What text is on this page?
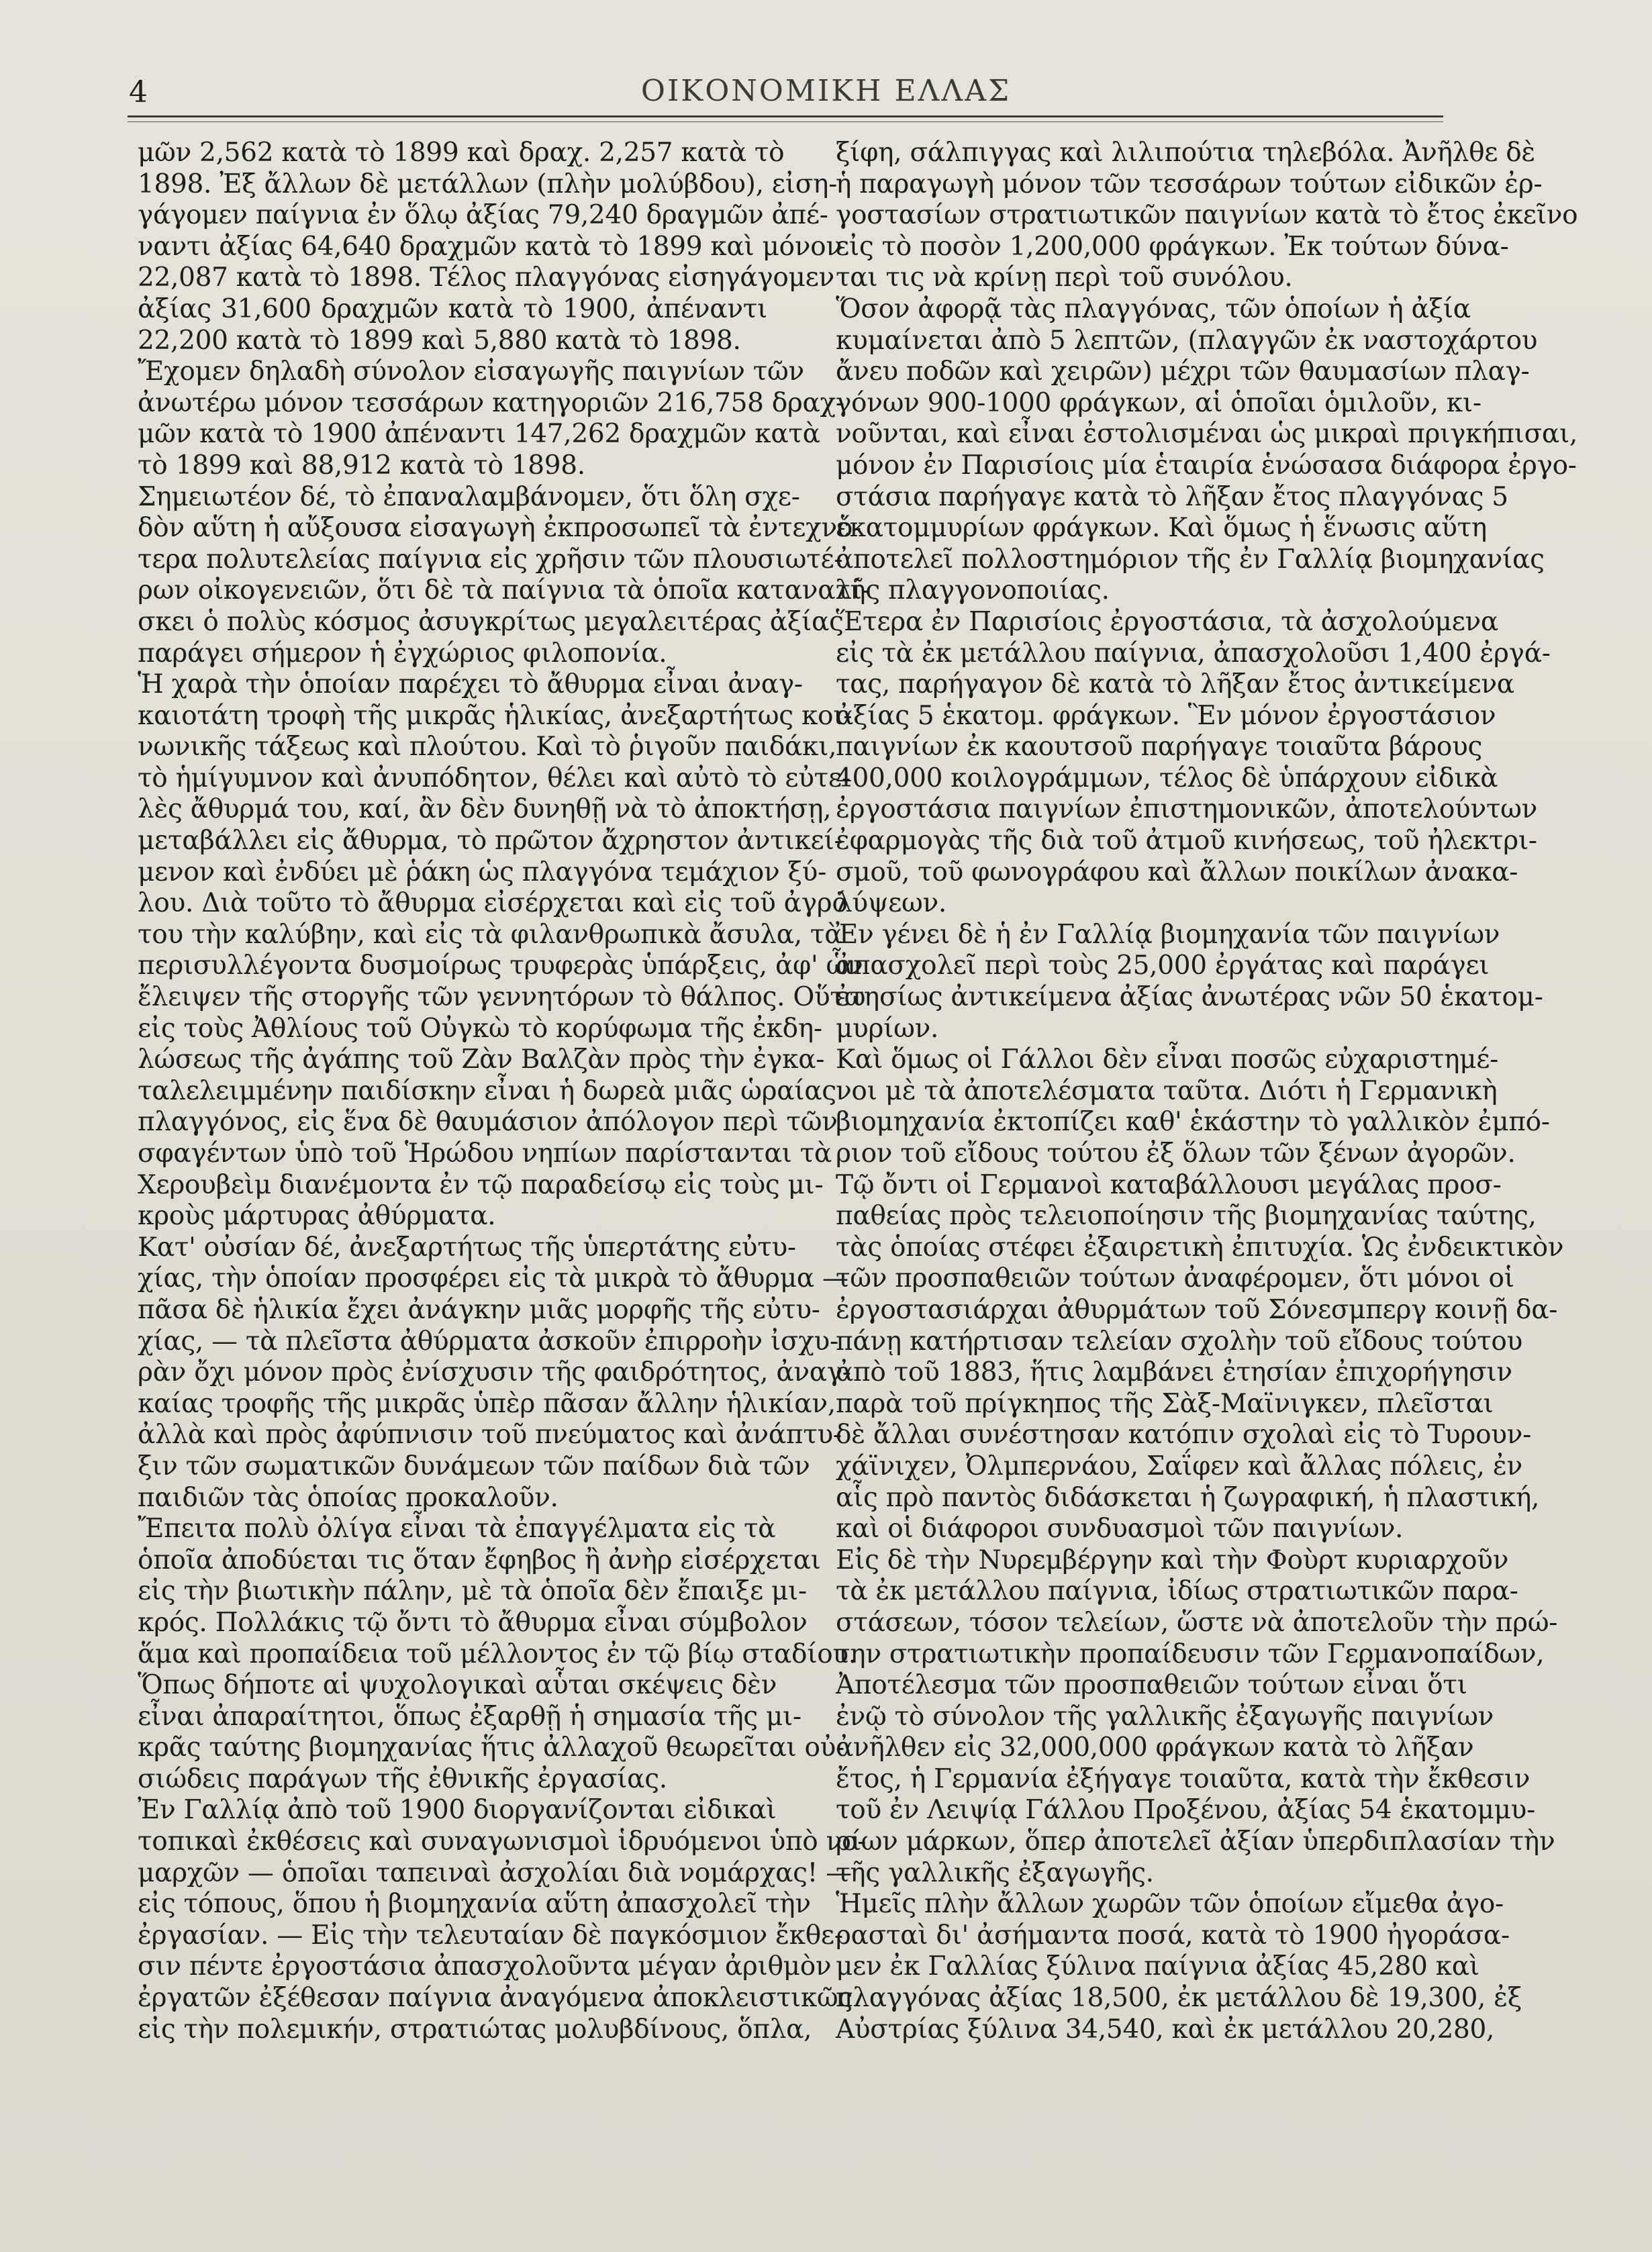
4	ΟΙΚΟΝΟΜΙΚΗ ΕΛΛΑΣ
μῶν 2,562 κατὰ τὸ 1899 καὶ δραχ. 2,257 κατὰ τὸ
1898. Ἐξ ἄλλων δὲ μετάλλων (πλὴν μολύβδου), εἰση-
γάγομεν παίγνια ἐν ὅλῳ ἀξίας 79,240 δραγμῶν ἀπέ-
ναντι ἀξίας 64,640 δραχμῶν κατὰ τὸ 1899 καὶ μόνον
22,087 κατὰ τὸ 1898. Τέλος πλαγγόνας εἰσηγάγομεν
ἀξίας 31,600 δραχμῶν κατὰ τὸ 1900, ἀπέναντι
22,200 κατὰ τὸ 1899 καὶ 5,880 κατὰ τὸ 1898.
Ἔχομεν δηλαδὴ σύνολον εἰσαγωγῆς παιγνίων τῶν
ἀνωτέρω μόνον τεσσάρων κατηγοριῶν 216,758 δραχ-
μῶν κατὰ τὸ 1900 ἀπέναντι 147,262 δραχμῶν κατὰ
τὸ 1899 καὶ 88,912 κατὰ τὸ 1898.
Σημειωτέον δέ, τὸ ἐπαναλαμβάνομεν, ὅτι ὅλη σχε-
δὸν αὕτη ἡ αὔξουσα εἰσαγωγὴ ἐκπροσωπεῖ τὰ ἐντεχνό-
τερα πολυτελείας παίγνια εἰς χρῆσιν τῶν πλουσιωτέ-
ρων οἰκογενειῶν, ὅτι δὲ τὰ παίγνια τὰ ὁποῖα καταναλί-
σκει ὁ πολὺς κόσμος ἀσυγκρίτως μεγαλειτέρας ἀξίας
παράγει σήμερον ἡ ἐγχώριος φιλοπονία.
Ἡ χαρὰ τὴν ὁποίαν παρέχει τὸ ἄθυρμα εἶναι ἀναγ-
καιοτάτη τροφὴ τῆς μικρᾶς ἡλικίας, ἀνεξαρτήτως κοι-
νωνικῆς τάξεως καὶ πλούτου. Καὶ τὸ ῥιγοῦν παιδάκι,
τὸ ἡμίγυμνον καὶ ἀνυπόδητον, θέλει καὶ αὐτὸ τὸ εὐτε-
λὲς ἄθυρμά του, καί, ἂν δὲν δυνηθῇ νὰ τὸ ἀποκτήσῃ,
μεταβάλλει εἰς ἄθυρμα, τὸ πρῶτον ἄχρηστον ἀντικεί-
μενον καὶ ἐνδύει μὲ ῥάκη ὡς πλαγγόνα τεμάχιον ξύ-
λου. Διὰ τοῦτο τὸ ἄθυρμα εἰσέρχεται καὶ εἰς τοῦ ἀγρό
του τὴν καλύβην, καὶ εἰς τὰ φιλανθρωπικὰ ἄσυλα, τὰ
περισυλλέγοντα δυσμοίρως τρυφερὰς ὑπάρξεις, ἀφ' ὧν
ἔλειψεν τῆς στοργῆς τῶν γεννητόρων τὸ θάλπος. Οὕτω
εἰς τοὺς Ἀθλίους τοῦ Οὐγκὼ τὸ κορύφωμα τῆς ἐκδη-
λώσεως τῆς ἀγάπης τοῦ Ζὰν Βαλζὰν πρὸς τὴν ἐγκα-
ταλελειμμένην παιδίσκην εἶναι ἡ δωρεὰ μιᾶς ὡραίας
πλαγγόνος, εἰς ἕνα δὲ θαυμάσιον ἀπόλογον περὶ τῶν
σφαγέντων ὑπὸ τοῦ Ἡρώδου νηπίων παρίστανται τὰ
Χερουβεὶμ διανέμοντα ἐν τῷ παραδείσῳ εἰς τοὺς μι-
κροὺς μάρτυρας ἀθύρματα.
Κατ' οὐσίαν δέ, ἀνεξαρτήτως τῆς ὑπερτάτης εὐτυ-
χίας, τὴν ὁποίαν προσφέρει εἰς τὰ μικρὰ τὸ ἄθυρμα —
πᾶσα δὲ ἡλικία ἔχει ἀνάγκην μιᾶς μορφῆς τῆς εὐτυ-
χίας, — τὰ πλεῖστα ἀθύρματα ἀσκοῦν ἐπιρροὴν ἰσχυ-
ρὰν ὄχι μόνον πρὸς ἐνίσχυσιν τῆς φαιδρότητος, ἀναγ-
καίας τροφῆς τῆς μικρᾶς ὑπὲρ πᾶσαν ἄλλην ἡλικίαν,
ἀλλὰ καὶ πρὸς ἀφύπνισιν τοῦ πνεύματος καὶ ἀνάπτυ-
ξιν τῶν σωματικῶν δυνάμεων τῶν παίδων διὰ τῶν
παιδιῶν τὰς ὁποίας προκαλοῦν.
Ἔπειτα πολὺ ὀλίγα εἶναι τὰ ἐπαγγέλματα εἰς τὰ
ὁποῖα ἀποδύεται τις ὅταν ἔφηβος ἢ ἀνὴρ εἰσέρχεται
εἰς τὴν βιωτικὴν πάλην, μὲ τὰ ὁποῖα δὲν ἔπαιξε μι-
κρός. Πολλάκις τῷ ὄντι τὸ ἄθυρμα εἶναι σύμβολον
ἅμα καὶ προπαίδεια τοῦ μέλλοντος ἐν τῷ βίῳ σταδίου.
Ὅπως δήποτε αἱ ψυχολογικαὶ αὗται σκέψεις δὲν
εἶναι ἀπαραίτητοι, ὅπως ἐξαρθῇ ἡ σημασία τῆς μι-
κρᾶς ταύτης βιομηχανίας ἥτις ἀλλαχοῦ θεωρεῖται οὐ-
σιώδεις παράγων τῆς ἐθνικῆς ἐργασίας.
Ἐν Γαλλίᾳ ἀπὸ τοῦ 1900 διοργανίζονται εἰδικαὶ
τοπικαὶ ἐκθέσεις καὶ συναγωνισμοὶ ἱδρυόμενοι ὑπὸ νο-
μαρχῶν — ὁποῖαι ταπειναὶ ἀσχολίαι διὰ νομάρχας! —
εἰς τόπους, ὅπου ἡ βιομηχανία αὕτη ἀπασχολεῖ τὴν
ἐργασίαν. — Εἰς τὴν τελευταίαν δὲ παγκόσμιον ἔκθε-
σιν πέντε ἐργοστάσια ἀπασχολοῦντα μέγαν ἀριθμὸν
ἐργατῶν ἐξέθεσαν παίγνια ἀναγόμενα ἀποκλειστικῶς
εἰς τὴν πολεμικήν, στρατιώτας μολυβδίνους, ὅπλα,
ξίφη, σάλπιγγας καὶ λιλιπούτια τηλεβόλα. Ἀνῆλθε δὲ
ἡ παραγωγὴ μόνον τῶν τεσσάρων τούτων εἰδικῶν ἐρ-
γοστασίων στρατιωτικῶν παιγνίων κατὰ τὸ ἔτος ἐκεῖνο
εἰς τὸ ποσὸν 1,200,000 φράγκων. Ἐκ τούτων δύνα-
ται τις νὰ κρίνῃ περὶ τοῦ συνόλου.
Ὅσον ἀφορᾷ τὰς πλαγγόνας, τῶν ὁποίων ἡ ἀξία
κυμαίνεται ἀπὸ 5 λεπτῶν, (πλαγγῶν ἐκ ναστοχάρτου
ἄνευ ποδῶν καὶ χειρῶν) μέχρι τῶν θαυμασίων πλαγ-
γόνων 900-1000 φράγκων, αἱ ὁποῖαι ὁμιλοῦν, κι-
νοῦνται, καὶ εἶναι ἐστολισμέναι ὡς μικραὶ πριγκήπισαι,
μόνον ἐν Παρισίοις μία ἑταιρία ἑνώσασα διάφορα ἐργο-
στάσια παρήγαγε κατὰ τὸ λῆξαν ἔτος πλαγγόνας 5
ἑκατομμυρίων φράγκων. Καὶ ὅμως ἡ ἕνωσις αὕτη
ἀποτελεῖ πολλοστημόριον τῆς ἐν Γαλλίᾳ βιομηχανίας
τῆς πλαγγονοποιίας.
Ἕτερα ἐν Παρισίοις ἐργοστάσια, τὰ ἀσχολούμενα
εἰς τὰ ἐκ μετάλλου παίγνια, ἀπασχολοῦσι 1,400 ἐργά-
τας, παρήγαγον δὲ κατὰ τὸ λῆξαν ἔτος ἀντικείμενα
ἀξίας 5 ἑκατομ. φράγκων. Ἓν μόνον ἐργοστάσιον
παιγνίων ἐκ καουτσοῦ παρήγαγε τοιαῦτα βάρους
400,000 κοιλογράμμων, τέλος δὲ ὑπάρχουν εἰδικὰ
ἐργοστάσια παιγνίων ἐπιστημονικῶν, ἀποτελούντων
ἐφαρμογὰς τῆς διὰ τοῦ ἀτμοῦ κινήσεως, τοῦ ἠλεκτρι-
σμοῦ, τοῦ φωνογράφου καὶ ἄλλων ποικίλων ἀνακα-
λύψεων.
Ἐν γένει δὲ ἡ ἐν Γαλλίᾳ βιομηχανία τῶν παιγνίων
ἀπασχολεῖ περὶ τοὺς 25,000 ἐργάτας καὶ παράγει
ἐτησίως ἀντικείμενα ἀξίας ἀνωτέρας νῶν 50 ἑκατομ-
μυρίων.
Καὶ ὅμως οἱ Γάλλοι δὲν εἶναι ποσῶς εὐχαριστημέ-
νοι μὲ τὰ ἀποτελέσματα ταῦτα. Διότι ἡ Γερμανικὴ
βιομηχανία ἐκτοπίζει καθ' ἑκάστην τὸ γαλλικὸν ἐμπό-
ριον τοῦ εἴδους τούτου ἐξ ὅλων τῶν ξένων ἀγορῶν.
Τῷ ὄντι οἱ Γερμανοὶ καταβάλλουσι μεγάλας προσ-
παθείας πρὸς τελειοποίησιν τῆς βιομηχανίας ταύτης,
τὰς ὁποίας στέφει ἐξαιρετικὴ ἐπιτυχία. Ὡς ἐνδεικτικὸν
τῶν προσπαθειῶν τούτων ἀναφέρομεν, ὅτι μόνοι οἱ
ἐργοστασιάρχαι ἀθυρμάτων τοῦ Σόνεσμπεργ κοινῇ δα-
πάνῃ κατήρτισαν τελείαν σχολὴν τοῦ εἴδους τούτου
ἀπὸ τοῦ 1883, ἥτις λαμβάνει ἐτησίαν ἐπιχορήγησιν
παρὰ τοῦ πρίγκηπος τῆς Σὰξ-Μαϊνιγκεν, πλεῖσται
δὲ ἄλλαι συνέστησαν κατόπιν σχολαὶ εἰς τὸ Τυρουν-
χάϊνιχεν, Ὀλμπερνάου, Σαΐφεν καὶ ἄλλας πόλεις, ἐν
αἷς πρὸ παντὸς διδάσκεται ἡ ζωγραφική, ἡ πλαστική,
καὶ οἱ διάφοροι συνδυασμοὶ τῶν παιγνίων.
Εἰς δὲ τὴν Νυρεμβέργην καὶ τὴν Φοὺρτ κυριαρχοῦν
τὰ ἐκ μετάλλου παίγνια, ἰδίως στρατιωτικῶν παρα-
στάσεων, τόσον τελείων, ὥστε νὰ ἀποτελοῦν τὴν πρώ-
την στρατιωτικὴν προπαίδευσιν τῶν Γερμανοπαίδων,
Ἀποτέλεσμα τῶν προσπαθειῶν τούτων εἶναι ὅτι
ἐνῷ τὸ σύνολον τῆς γαλλικῆς ἐξαγωγῆς παιγνίων
ἀνῆλθεν εἰς 32,000,000 φράγκων κατὰ τὸ λῆξαν
ἔτος, ἡ Γερμανία ἐξήγαγε τοιαῦτα, κατὰ τὴν ἔκθεσιν
τοῦ ἐν Λειψίᾳ Γάλλου Προξένου, ἀξίας 54 ἑκατομμυ-
ρίων μάρκων, ὅπερ ἀποτελεῖ ἀξίαν ὑπερδιπλασίαν τὴν
τῆς γαλλικῆς ἐξαγωγῆς.
Ἡμεῖς πλὴν ἄλλων χωρῶν τῶν ὁποίων εἴμεθα ἀγο-
ρασταὶ δι' ἀσήμαντα ποσά, κατὰ τὸ 1900 ἠγοράσα-
μεν ἐκ Γαλλίας ξύλινα παίγνια ἀξίας 45,280 καὶ
πλαγγόνας ἀξίας 18,500, ἐκ μετάλλου δὲ 19,300, ἐξ
Αὐστρίας ξύλινα 34,540, καὶ ἐκ μετάλλου 20,280,
